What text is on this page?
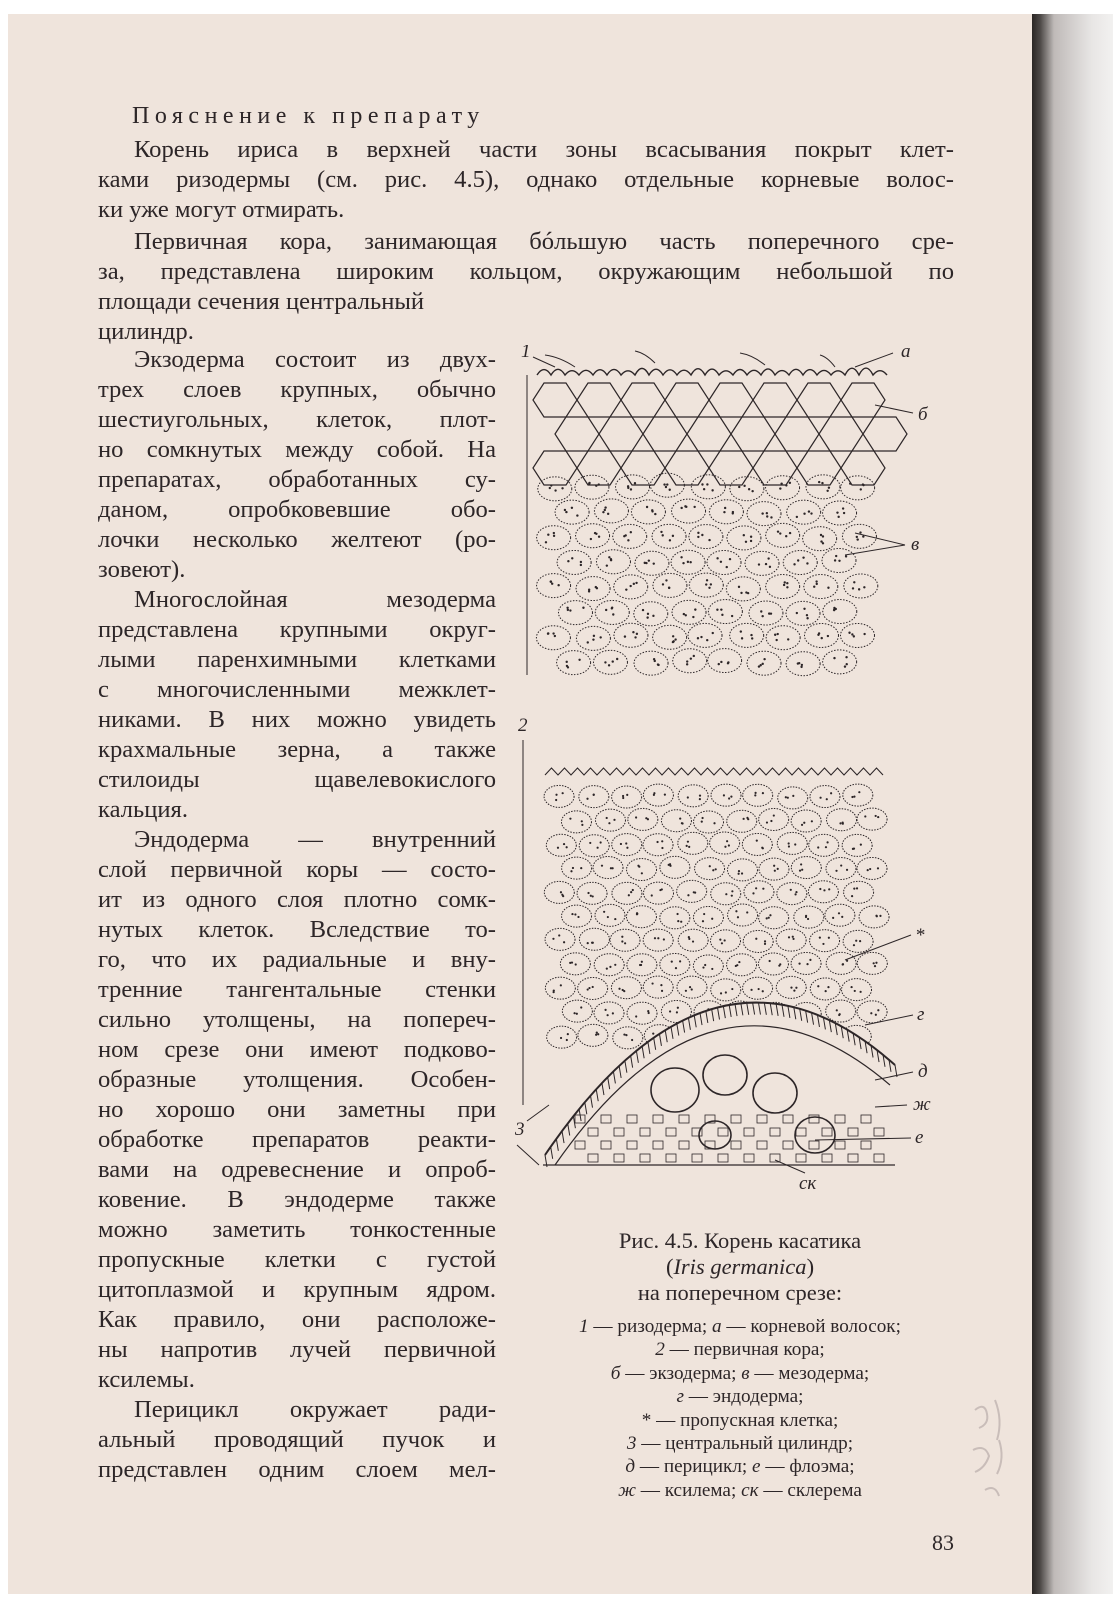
Пояснение к препарату
Корень ириса в верхней части зоны всасывания покрыт клет-
ками ризодермы (см. рис. 4.5), однако отдельные корневые волос-
ки уже могут отмирать.
Первичная кора, занимающая бóльшую часть поперечного сре-
за, представлена широким кольцом, окружающим небольшой по
площади сечения центральный
цилиндр.
Экзодерма состоит из двух-
трех слоев крупных, обычно
шестиугольных, клеток, плот-
но сомкнутых между собой. На
препаратах, обработанных су-
даном, опробковевшие обо-
лочки несколько желтеют (ро-
зовеют).
Многослойная мезодерма
представлена крупными округ-
лыми паренхимными клетками
с многочисленными межклет-
никами. В них можно увидеть
крахмальные зерна, а также
стилоиды щавелевокислого
кальция.
Эндодерма — внутренний
слой первичной коры — состо-
ит из одного слоя плотно сомк-
нутых клеток. Вследствие то-
го, что их радиальные и вну-
тренние тангентальные стенки
сильно утолщены, на попереч-
ном срезе они имеют подково-
образные утолщения. Особен-
но хорошо они заметны при
обработке препаратов реакти-
вами на одревеснение и опроб-
ковение. В эндодерме также
можно заметить тонкостенные
пропускные клетки с густой
цитоплазмой и крупным ядром.
Как правило, они расположе-
ны напротив лучей первичной
ксилемы.
Перицикл окружает ради-
альный проводящий пучок и
представлен одним слоем мел-
1
2
3
а
б
в
*
г
д
ж
е
ск
Рис. 4.5. Корень касатика
(Iris germanica)
на поперечном срезе:
1 — ризодерма; а — корневой волосок;
2 — первичная кора;
б — экзодерма; в — мезодерма;
г — эндодерма;
* — пропускная клетка;
3 — центральный цилиндр;
д — перицикл; е — флоэма;
ж — ксилема; ск — склерема
83
